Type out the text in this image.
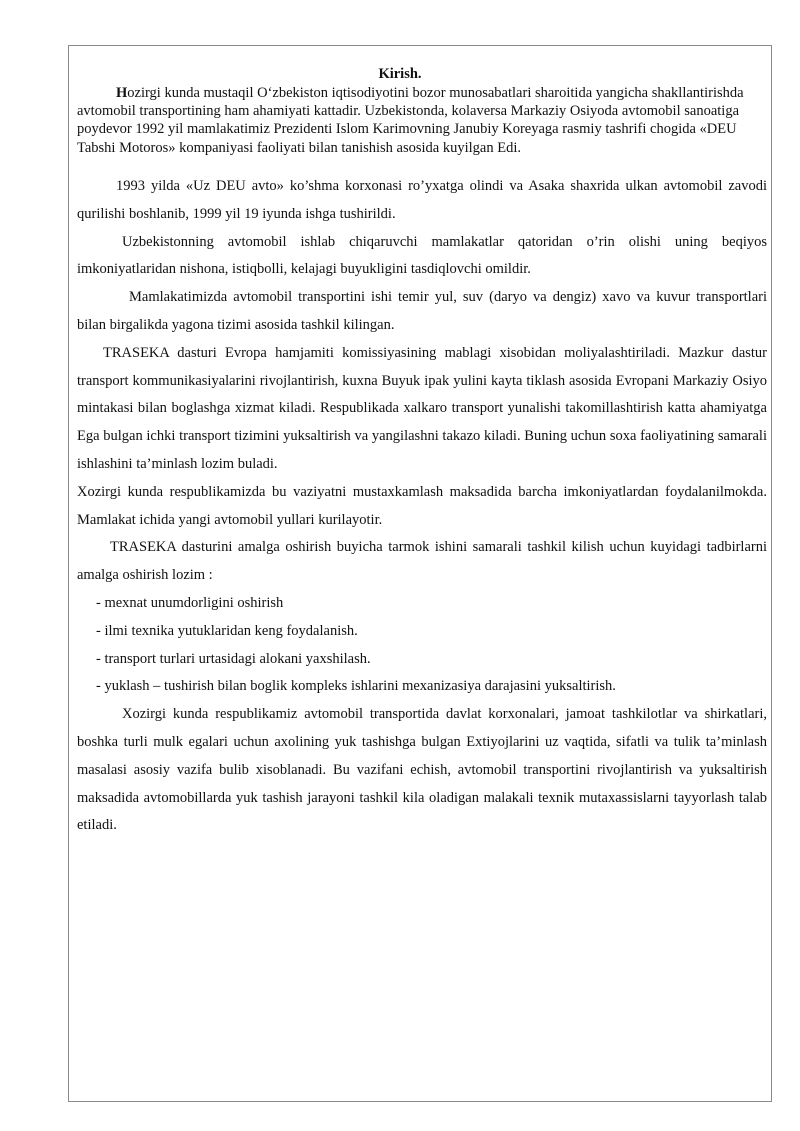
Kirish.

Hozirgi kunda mustaqil O‘zbekiston iqtisodiyotini bozor munosabatlari sharoitida yangicha shakllantirishda avtomobil transportining ham ahamiyati kattadir. Uzbekistonda, kolaversa Markaziy Osiyoda avtomobil sanoatiga poydevor 1992 yil mamlakatimiz Prezidenti Islom Karimovning Janubiy Koreyaga rasmiy tashrifi chogida «DEU Tabshi Motoros» kompaniyasi faoliyati bilan tanishish asosida kuyilgan Edi.

1993 yilda «Uz DEU avto» ko’shma korxonasi ro’yxatga olindi va Asaka shaxrida ulkan avtomobil zavodi qurilishi boshlanib, 1999 yil 19 iyunda ishga tushirildi.

Uzbekistonning avtomobil ishlab chiqaruvchi mamlakatlar qatoridan o’rin olishi uning beqiyos imkoniyatlaridan nishona, istiqbolli, kelajagi buyukligini tasdiqlovchi omildir.

Mamlakatimizda avtomobil transportini ishi temir yul, suv (daryo va dengiz) xavo va kuvur transportlari bilan birgalikda yagona tizimi asosida tashkil kilingan.

TRASEKA dasturi Evropa hamjamiti komissiyasining mablagi xisobidan moliyalashtiriladi. Mazkur dastur transport kommunikasiyalarini rivojlantirish, kuxna Buyuk ipak yulini kayta tiklash asosida Evropani Markaziy Osiyo mintakasi bilan boglashga xizmat kiladi. Respublikada xalkaro transport yunalishi takomillashtirish katta ahamiyatga Ega bulgan ichki transport tizimini yuksaltirish va yangilashni takazo kiladi. Buning uchun soxa faoliyatining samarali ishlashini ta’minlash lozim buladi.

Xozirgi kunda respublikamizda bu vaziyatni mustaxkamlash maksadida barcha imkoniyatlardan foydalanilmokda. Mamlakat ichida yangi avtomobil yullari kurilayotir.

TRASEKA dasturini amalga oshirish buyicha tarmok ishini samarali tashkil kilish uchun kuyidagi tadbirlarni amalga oshirish lozim :

- mexnat unumdorligini oshirish

- ilmi texnika yutuklaridan keng foydalanish.

- transport turlari urtasidagi alokani yaxshilash.

- yuklash – tushirish bilan boglik kompleks ishlarini mexanizasiya darajasini yuksaltirish.

Xozirgi kunda respublikamiz avtomobil transportida davlat korxonalari, jamoat tashkilotlar va shirkatlari, boshka turli mulk egalari uchun axolining yuk tashishga bulgan Extiyojlarini uz vaqtida, sifatli va tulik ta’minlash masalasi asosiy vazifa bulib xisoblanadi. Bu vazifani echish, avtomobil transportini rivojlantirish va yuksaltirish maksadida avtomobillarda yuk tashish jarayoni tashkil kila oladigan malakali texnik mutaxassislarni tayyorlash talab etiladi.
